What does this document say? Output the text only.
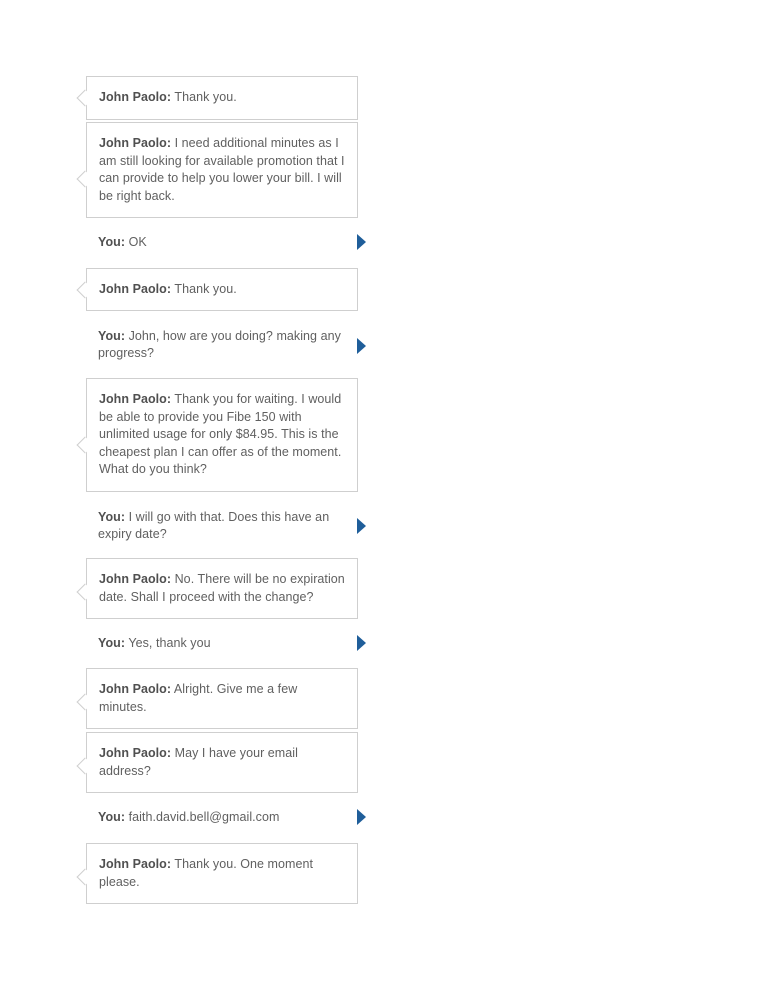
John Paolo: Thank you.
John Paolo: I need additional minutes as I am still looking for available promotion that I can provide to help you lower your bill. I will be right back.
You: OK
John Paolo: Thank you.
You: John, how are you doing? making any progress?
John Paolo: Thank you for waiting. I would be able to provide you Fibe 150 with unlimited usage for only $84.95. This is the cheapest plan I can offer as of the moment. What do you think?
You: I will go with that. Does this have an expiry date?
John Paolo: No. There will be no expiration date. Shall I proceed with the change?
You: Yes, thank you
John Paolo: Alright. Give me a few minutes.
John Paolo: May I have your email address?
You: faith.david.bell@gmail.com
John Paolo: Thank you. One moment please.
